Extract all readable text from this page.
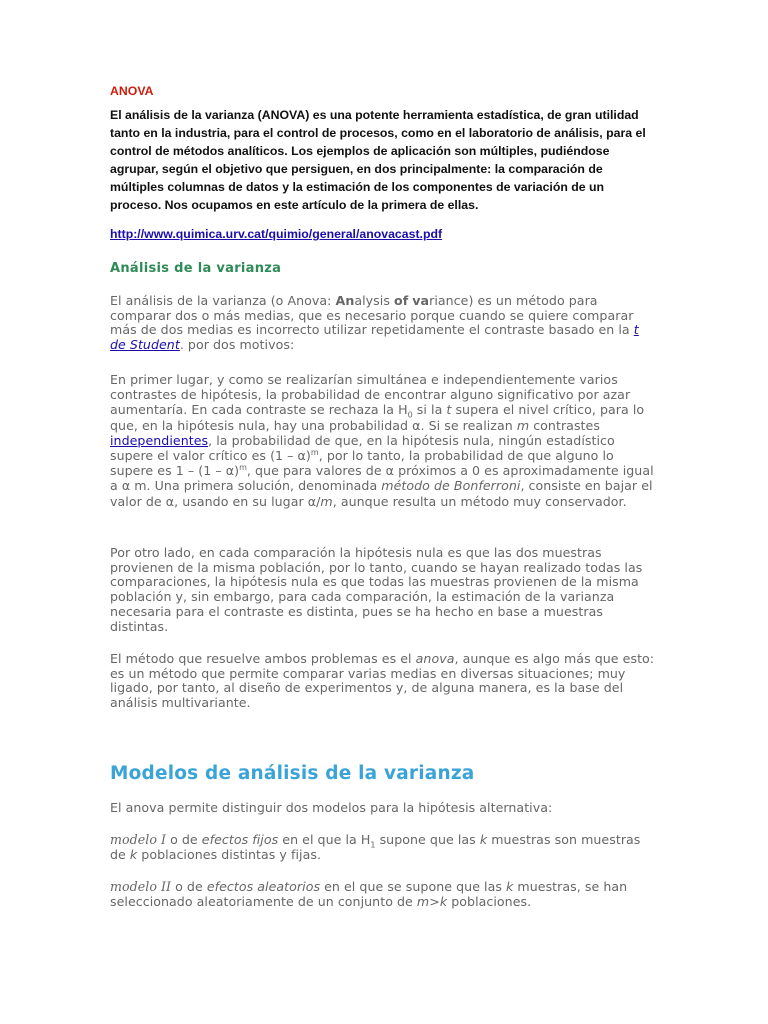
ANOVA

El análisis de la varianza (ANOVA) es una potente herramienta estadística, de gran utilidad tanto en la industria, para el control de procesos, como en el laboratorio de análisis, para el control de métodos analíticos. Los ejemplos de aplicación son múltiples, pudiéndose agrupar, según el objetivo que persiguen, en dos principalmente: la comparación de múltiples columnas de datos y la estimación de los componentes de variación de un proceso. Nos ocupamos en este artículo de la primera de ellas.

http://www.quimica.urv.cat/quimio/general/anovacast.pdf
Análisis de la varianza

El análisis de la varianza (o Anova: Analysis of variance) es un método para comparar dos o más medias, que es necesario porque cuando se quiere comparar más de dos medias es incorrecto utilizar repetidamente el contraste basado en la t de Student. por dos motivos:

En primer lugar, y como se realizarían simultánea e independientemente varios contrastes de hipótesis, la probabilidad de encontrar alguno significativo por azar aumentaría. En cada contraste se rechaza la $H_0$ si la t supera el nivel crítico, para lo que, en la hipótesis nula, hay una probabilidad α. Si se realizan m contrastes independientes, la probabilidad de que, en la hipótesis nula, ningún estadístico supere el valor crítico es (1 – α)$^m$, por lo tanto, la probabilidad de que alguno lo supere es 1 – (1 – α)$^m$, que para valores de α próximos a 0 es aproximadamente igual a α m. Una primera solución, denominada método de Bonferroni, consiste en bajar el valor de α, usando en su lugar α/m, aunque resulta un método muy conservador.

Por otro lado, en cada comparación la hipótesis nula es que las dos muestras provienen de la misma población, por lo tanto, cuando se hayan realizado todas las comparaciones, la hipótesis nula es que todas las muestras provienen de la misma población y, sin embargo, para cada comparación, la estimación de la varianza necesaria para el contraste es distinta, pues se ha hecho en base a muestras distintas.

El método que resuelve ambos problemas es el anova, aunque es algo más que esto: es un método que permite comparar varias medias en diversas situaciones; muy ligado, por tanto, al diseño de experimentos y, de alguna manera, es la base del análisis multivariante.

Modelos de análisis de la varianza

El anova permite distinguir dos modelos para la hipótesis alternativa:

modelo I o de efectos fijos en el que la $H_1$ supone que las k muestras son muestras de k poblaciones distintas y fijas.

modelo II o de efectos aleatorios en el que se supone que las k muestras, se han seleccionado aleatoriamente de un conjunto de m>k poblaciones.
